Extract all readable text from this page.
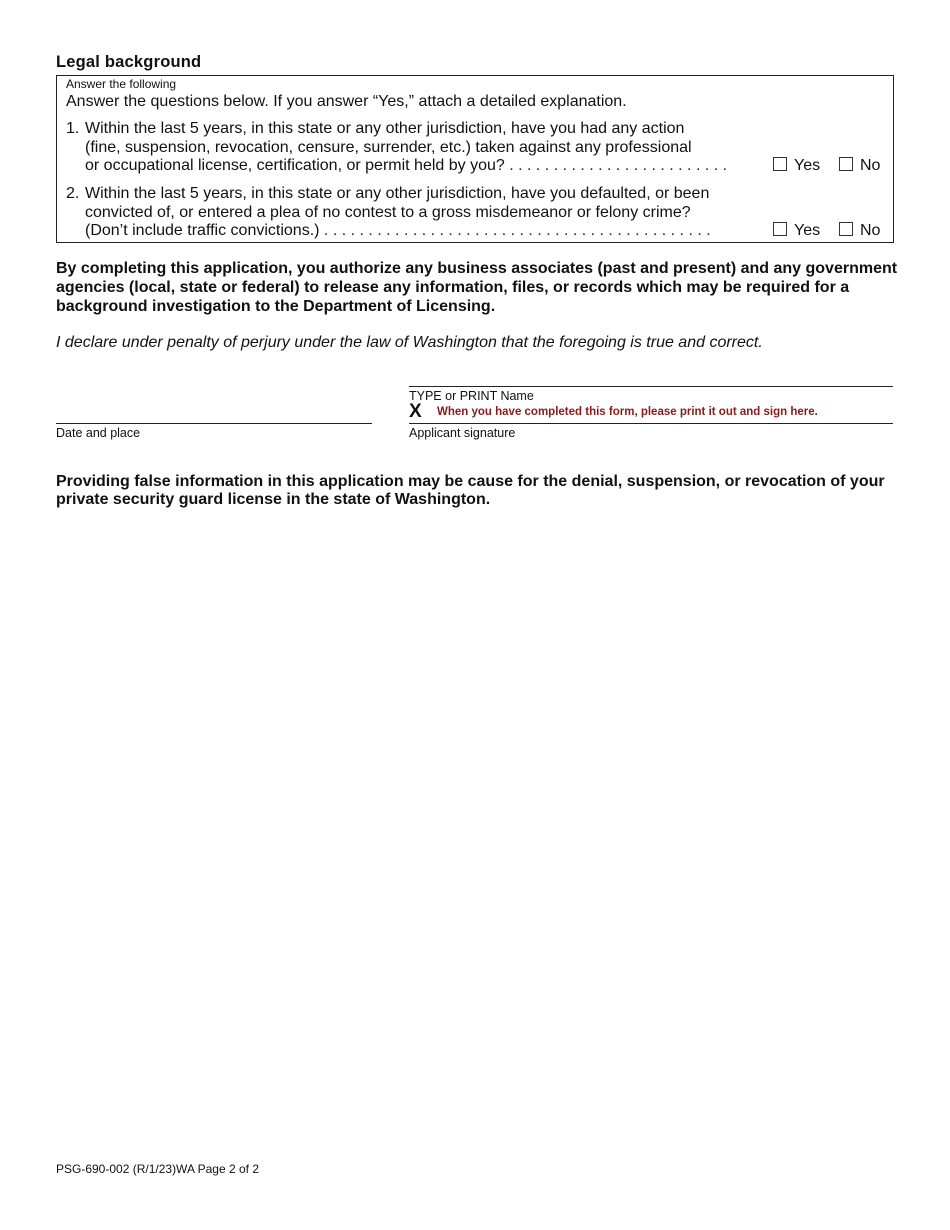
Legal background
Answer the following
Answer the questions below. If you answer “Yes,” attach a detailed explanation.
1. Within the last 5 years, in this state or any other jurisdiction, have you had any action
(fine, suspension, revocation, censure, surrender, etc.) taken against any professional
or occupational license, certification, or permit held by you? . . . . . . . . . . . . . . . . . . . . . . . . .	Yes	No
2. Within the last 5 years, in this state or any other jurisdiction, have you defaulted, or been
convicted of, or entered a plea of no contest to a gross misdemeanor or felony crime?
(Don’t include traffic convictions.) . . . . . . . . . . . . . . . . . . . . . . . . . . . . . . . . . . . . . . . . . . . .	Yes	No
By completing this application, you authorize any business associates (past and present) and any government agencies (local, state or federal) to release any information, files, or records which may be required for a background investigation to the Department of Licensing.
I declare under penalty of perjury under the law of Washington that the foregoing is true and correct.
TYPE or PRINT Name
X When you have completed this form, please print it out and sign here.
Date and place	Applicant signature
Providing false information in this application may be cause for the denial, suspension, or revocation of your private security guard license in the state of Washington.
PSG-690-002 (R/1/23)WA Page 2 of 2
